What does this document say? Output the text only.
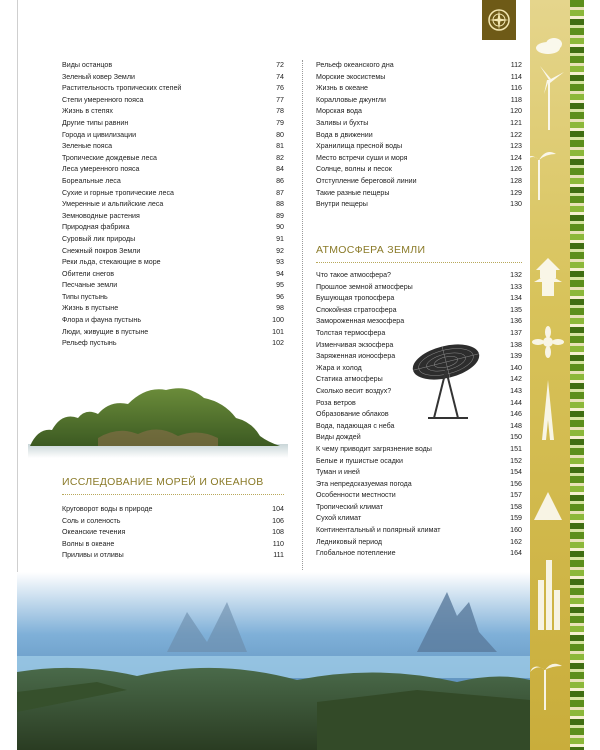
Виды останцов	72
Зеленый ковер Земли	74
Растительность тропических степей	76
Степи умеренного пояса	77
Жизнь в степях	78
Другие типы равнин	79
Города и цивилизации	80
Зеленые пояса	81
Тропические дождевые леса	82
Леса умеренного пояса	84
Бореальные леса	86
Сухие и горные тропические леса	87
Умеренные и альпийские леса	88
Земноводные растения	89
Природная фабрика	90
Суровый лик природы	91
Снежный покров Земли	92
Реки льда, стекающие в море	93
Обители снегов	94
Песчаные земли	95
Типы пустынь	96
Жизнь в пустыне	98
Флора и фауна пустынь	100
Люди, живущие в пустыне	101
Рельеф пустынь	102
ИССЛЕДОВАНИЕ МОРЕЙ И ОКЕАНОВ
Круговорот воды в природе	104
Соль и соленость	106
Океанские течения	108
Волны в океане	110
Приливы и отливы	111
Рельеф океанского дна	112
Морские экосистемы	114
Жизнь в океане	116
Коралловые джунгли	118
Морская вода	120
Заливы и бухты	121
Вода в движении	122
Хранилища пресной воды	123
Место встречи суши и моря	124
Солнце, волны и песок	126
Отступление береговой линии	128
Такие разные пещеры	129
Внутри пещеры	130
АТМОСФЕРА ЗЕМЛИ
Что такое атмосфера?	132
Прошлое земной атмосферы	133
Бушующая тропосфера	134
Спокойная стратосфера	135
Замороженная мезосфера	136
Толстая термосфера	137
Изменчивая экзосфера	138
Заряженная ионосфера	139
Жара и холод	140
Статика атмосферы	142
Сколько весит воздух?	143
Роза ветров	144
Образование облаков	146
Вода, падающая с неба	148
Виды дождей	150
К чему приводит загрязнение воды	151
Белые и пушистые осадки	152
Туман и иней	154
Эта непредсказуемая погода	156
Особенности местности	157
Тропический климат	158
Сухой климат	159
Континентальный и полярный климат	160
Ледниковый период	162
Глобальное потепление	164
